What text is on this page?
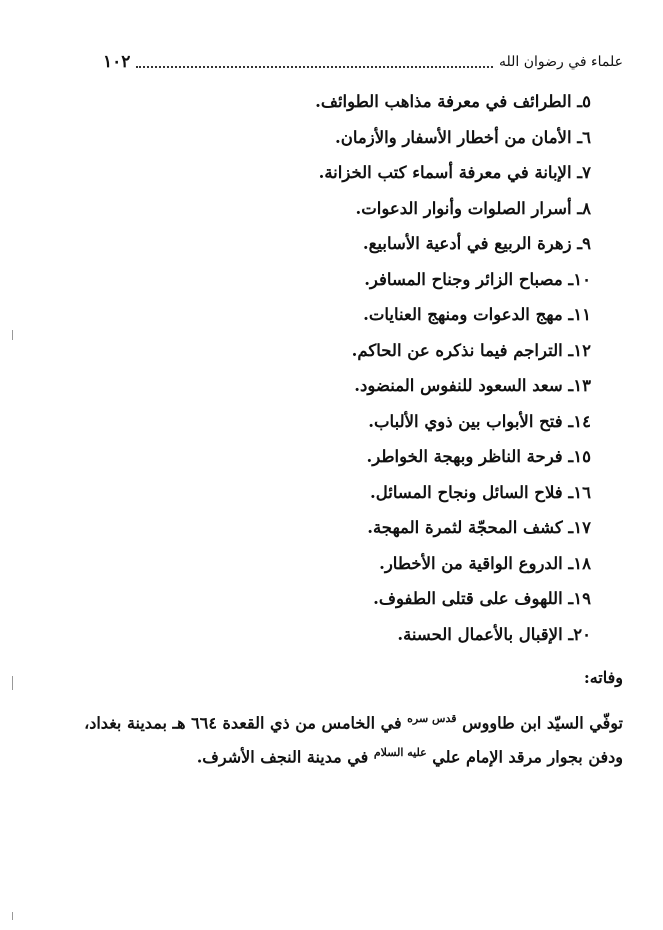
علماء في رضوان الله
١٠٢
٥ـ الطرائف في معرفة مذاهب الطوائف.
٦ـ الأمان من أخطار الأسفار والأزمان.
٧ـ الإبانة في معرفة أسماء كتب الخزانة.
٨ـ أسرار الصلوات وأنوار الدعوات.
٩ـ زهرة الربيع في أدعية الأسابيع.
١٠ـ مصباح الزائر وجناح المسافر.
١١ـ مهج الدعوات ومنهج العنايات.
١٢ـ التراجم فيما نذكره عن الحاكم.
١٣ـ سعد السعود للنفوس المنضود.
١٤ـ فتح الأبواب بين ذوي الألباب.
١٥ـ فرحة الناظر وبهجة الخواطر.
١٦ـ فلاح السائل ونجاح المسائل.
١٧ـ كشف المحجّة لثمرة المهجة.
١٨ـ الدروع الواقية من الأخطار.
١٩ـ اللهوف على قتلى الطفوف.
٢٠ـ الإقبال بالأعمال الحسنة.
وفاته:

توفّي السيّد ابن طاووس $^{قدس سره}$ في الخامس من ذي القعدة ٦٦٤ هـ بمدينة بغداد،

ودفن بجوار مرقد الإمام علي $^{عليه السلام}$ في مدينة النجف الأشرف.
